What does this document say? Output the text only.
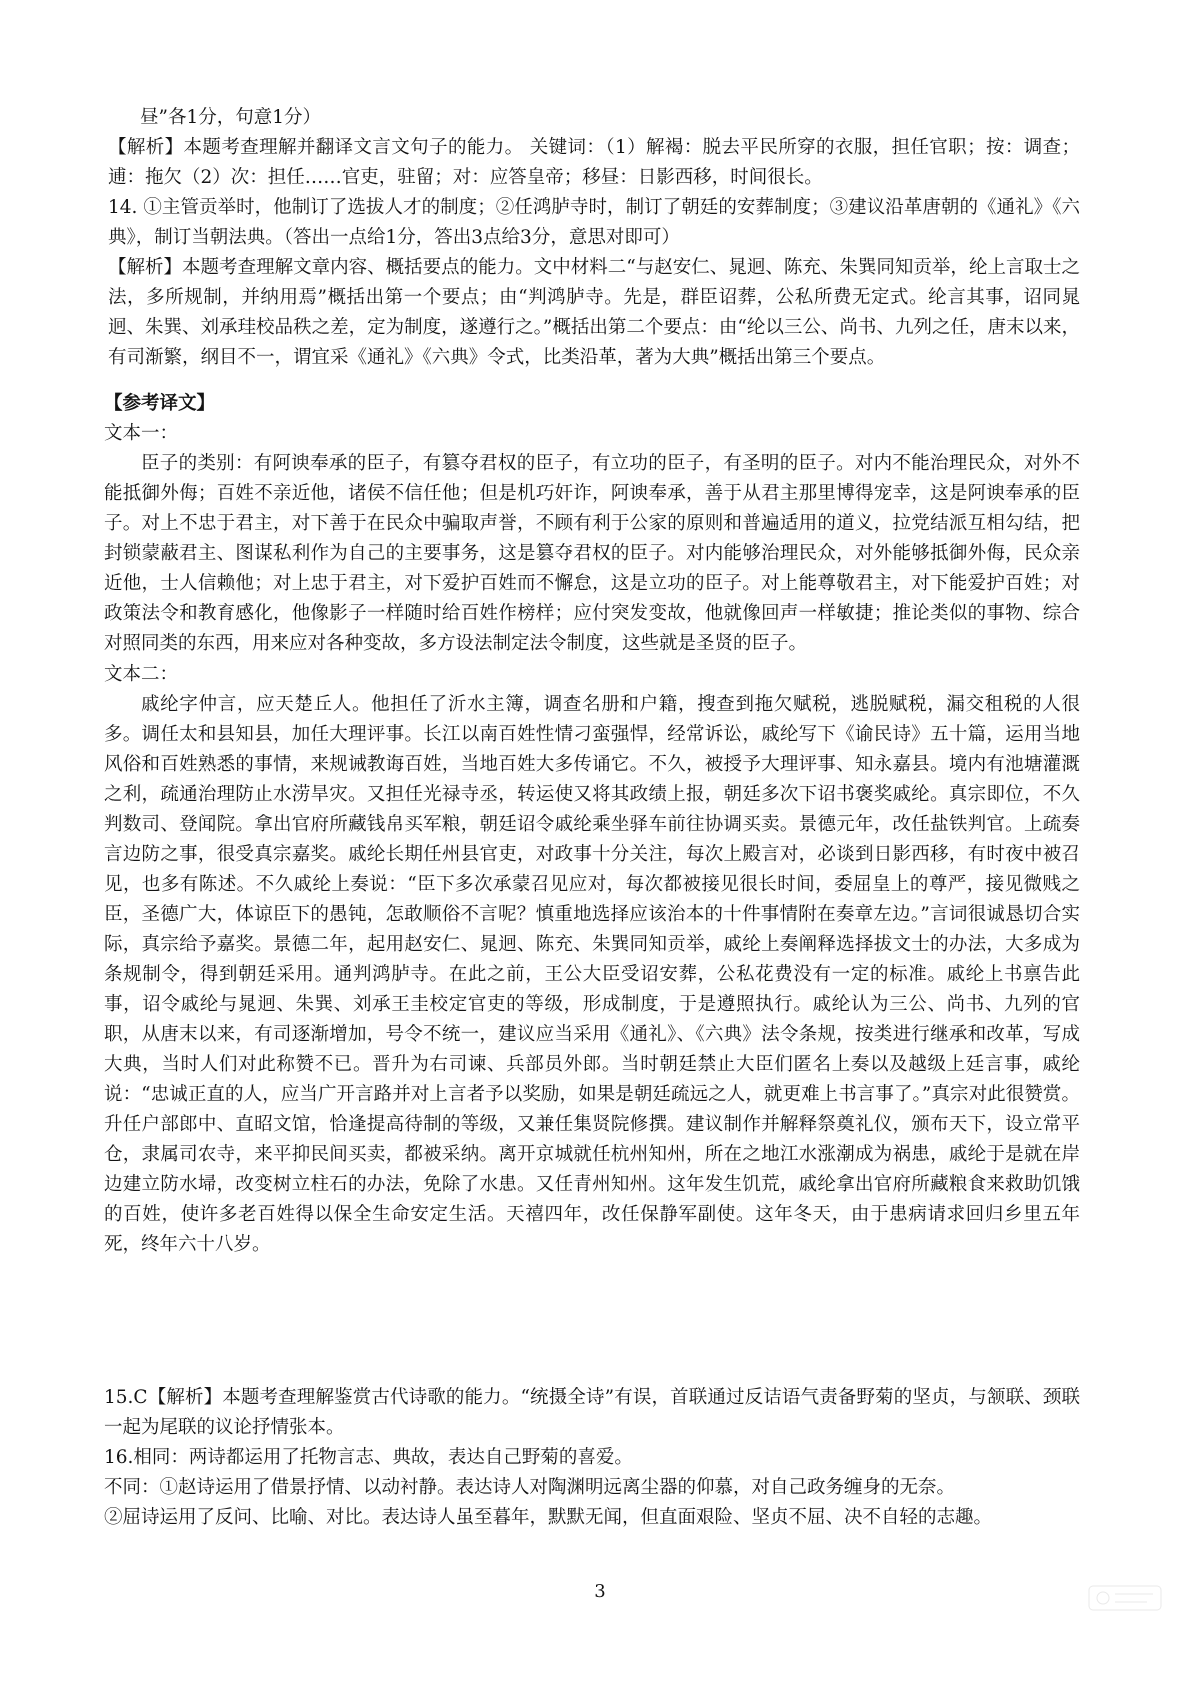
昼”各1分，句意1分）

【解析】本题考查理解并翻译文言文句子的能力。 关键词：（1）解褐：脱去平民所穿的衣服，担任官职；按：调查；逋：拖欠（2）次：担任……官吏，驻留；对：应答皇帝；移昼：日影西移，时间很长。

14. ①主管贡举时，他制订了选拔人才的制度；②任鸿胪寺时，制订了朝廷的安葬制度；③建议沿革唐朝的《通礼》《六典》，制订当朝法典。（答出一点给1分，答出3点给3分，意思对即可）

【解析】本题考查理解文章内容、概括要点的能力。文中材料二“与赵安仁、晁迥、陈充、朱巽同知贡举，纶上言取士之法，多所规制，并纳用焉”概括出第一个要点；由“判鸿胪寺。先是，群臣诏葬，公私所费无定式。纶言其事，诏同晁迥、朱巽、刘承珪校品秩之差，定为制度，遂遵行之。”概括出第二个要点：由“纶以三公、尚书、九列之任，唐末以来，有司渐繁，纲目不一，谓宜采《通礼》《六典》令式，比类沿革，著为大典”概括出第三个要点。

【参考译文】

文本一：

臣子的类别：有阿谀奉承的臣子，有篡夺君权的臣子，有立功的臣子，有圣明的臣子。对内不能治理民众，对外不能抵御外侮；百姓不亲近他，诸侯不信任他；但是机巧奸诈，阿谀奉承，善于从君主那里博得宠幸，这是阿谀奉承的臣子。对上不忠于君主，对下善于在民众中骗取声誉，不顾有利于公家的原则和普遍适用的道义，拉党结派互相勾结，把封锁蒙蔽君主、图谋私利作为自己的主要事务，这是篡夺君权的臣子。对内能够治理民众，对外能够抵御外侮，民众亲近他，士人信赖他；对上忠于君主，对下爱护百姓而不懈怠，这是立功的臣子。对上能尊敬君主，对下能爱护百姓；对政策法令和教育感化，他像影子一样随时给百姓作榜样；应付突发变故，他就像回声一样敏捷；推论类似的事物、综合对照同类的东西，用来应对各种变故，多方设法制定法令制度，这些就是圣贤的臣子。

文本二：

戚纶字仲言，应天楚丘人。他担任了沂水主簿，调查名册和户籍，搜查到拖欠赋税，逃脱赋税，漏交租税的人很多。调任太和县知县，加任大理评事。长江以南百姓性情刁蛮强悍，经常诉讼，戚纶写下《谕民诗》五十篇，运用当地风俗和百姓熟悉的事情，来规诫教诲百姓，当地百姓大多传诵它。不久，被授予大理评事、知永嘉县。境内有池塘灌溉之利，疏通治理防止水涝旱灾。又担任光禄寺丞，转运使又将其政绩上报，朝廷多次下诏书褒奖戚纶。真宗即位，不久判数司、登闻院。拿出官府所藏钱帛买军粮，朝廷诏令戚纶乘坐驿车前往协调买卖。景德元年，改任盐铁判官。上疏奏言边防之事，很受真宗嘉奖。戚纶长期任州县官吏，对政事十分关注，每次上殿言对，必谈到日影西移，有时夜中被召见，也多有陈述。不久戚纶上奏说：“臣下多次承蒙召见应对，每次都被接见很长时间，委屈皇上的尊严，接见微贱之臣，圣德广大，体谅臣下的愚钝，怎敢顺俗不言呢？慎重地选择应该治本的十件事情附在奏章左边。”言词很诚恳切合实际，真宗给予嘉奖。景德二年，起用赵安仁、晁迥、陈充、朱巽同知贡举，戚纶上奏阐释选择拔文士的办法，大多成为条规制令，得到朝廷采用。通判鸿胪寺。在此之前，王公大臣受诏安葬，公私花费没有一定的标准。戚纶上书禀告此事，诏令戚纶与晁迥、朱巽、刘承王圭校定官吏的等级，形成制度，于是遵照执行。戚纶认为三公、尚书、九列的官职，从唐末以来，有司逐渐增加，号令不统一，建议应当采用《通礼》、《六典》法令条规，按类进行继承和改革，写成大典，当时人们对此称赞不已。晋升为右司谏、兵部员外郎。当时朝廷禁止大臣们匿名上奏以及越级上廷言事，戚纶说：“忠诚正直的人，应当广开言路并对上言者予以奖励，如果是朝廷疏远之人，就更难上书言事了。”真宗对此很赞赏。升任户部郎中、直昭文馆，恰逢提高待制的等级，又兼任集贤院修撰。建议制作并解释祭奠礼仪，颁布天下，设立常平仓，隶属司农寺，来平抑民间买卖，都被采纳。离开京城就任杭州知州，所在之地江水涨潮成为祸患，戚纶于是就在岸边建立防水埽，改变树立柱石的办法，免除了水患。又任青州知州。这年发生饥荒，戚纶拿出官府所藏粮食来救助饥饿的百姓，使许多老百姓得以保全生命安定生活。天禧四年，改任保静军副使。这年冬天，由于患病请求回归乡里五年死，终年六十八岁。

15.C【解析】本题考查理解鉴赏古代诗歌的能力。“统摄全诗”有误，首联通过反诘语气责备野菊的坚贞，与颔联、颈联一起为尾联的议论抒情张本。

16.相同：两诗都运用了托物言志、典故，表达自己野菊的喜爱。

不同：①赵诗运用了借景抒情、以动衬静。表达诗人对陶渊明远离尘器的仰慕，对自己政务缠身的无奈。

②屈诗运用了反问、比喻、对比。表达诗人虽至暮年，默默无闻，但直面艰险、坚贞不屈、决不自轻的志趣。

3
